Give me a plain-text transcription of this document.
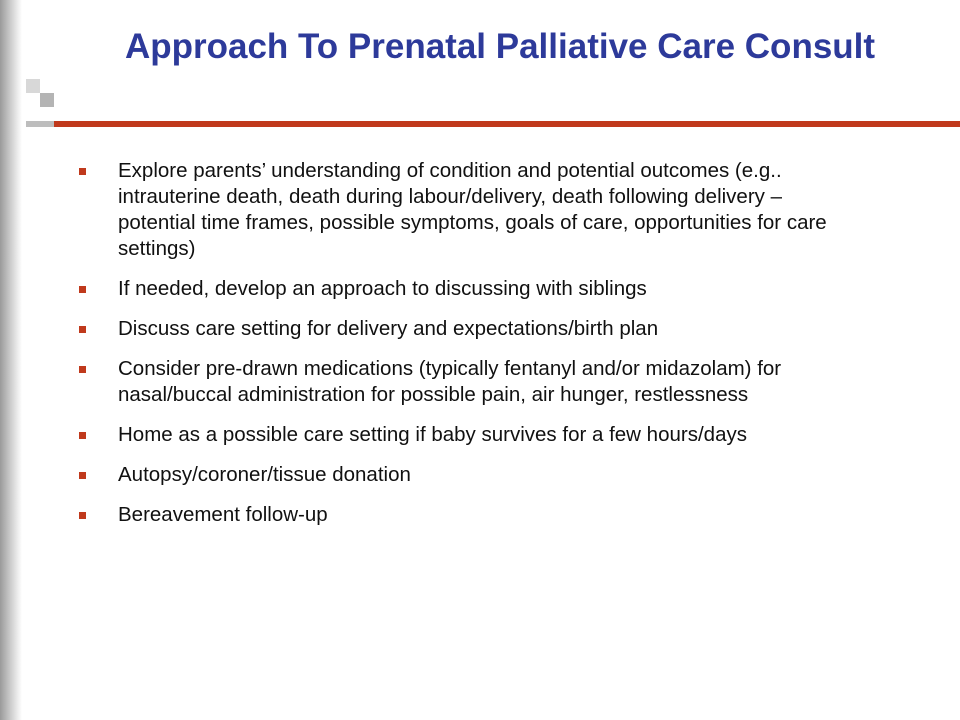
Approach To Prenatal Palliative Care Consult
Explore parents’ understanding of condition and potential outcomes (e.g.. intrauterine death, death during labour/delivery, death following delivery – potential time frames, possible symptoms, goals of care, opportunities for care settings)
If needed, develop an approach to discussing with siblings
Discuss care setting for delivery and expectations/birth plan
Consider pre-drawn medications (typically fentanyl and/or midazolam) for nasal/buccal administration for possible pain, air hunger, restlessness
Home as a possible care setting if baby survives for a few hours/days
Autopsy/coroner/tissue donation
Bereavement follow-up
